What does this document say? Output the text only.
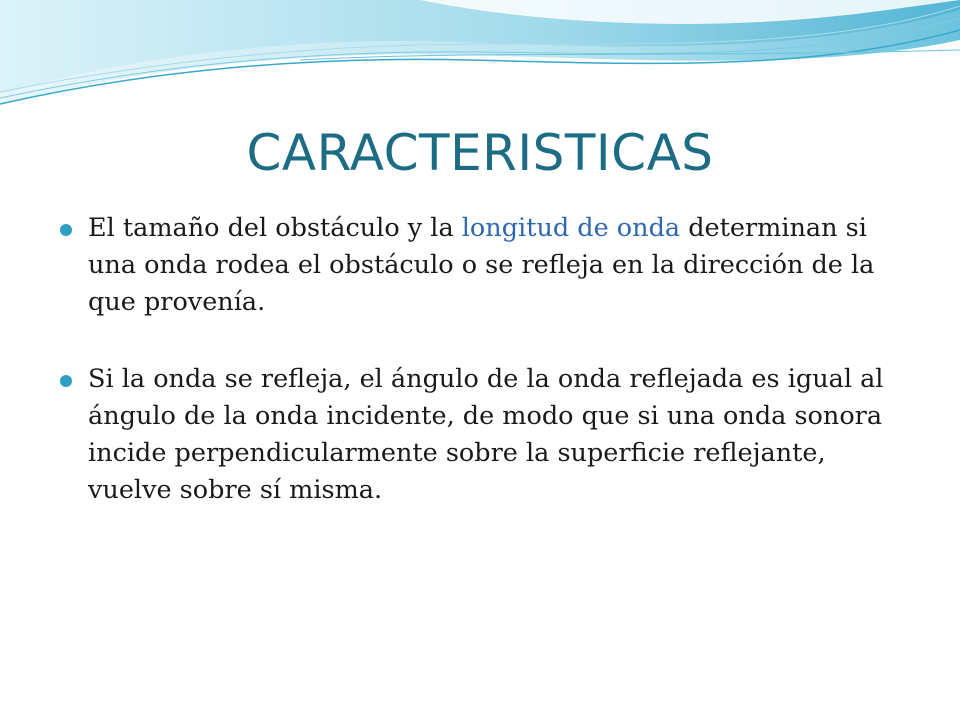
CARACTERISTICAS
El tamaño del obstáculo y la longitud de onda determinan si una onda rodea el obstáculo o se refleja en la dirección de la que provenía.
Si la onda se refleja, el ángulo de la onda reflejada es igual al ángulo de la onda incidente, de modo que si una onda sonora incide perpendicularmente sobre la superficie reflejante, vuelve sobre sí misma.
